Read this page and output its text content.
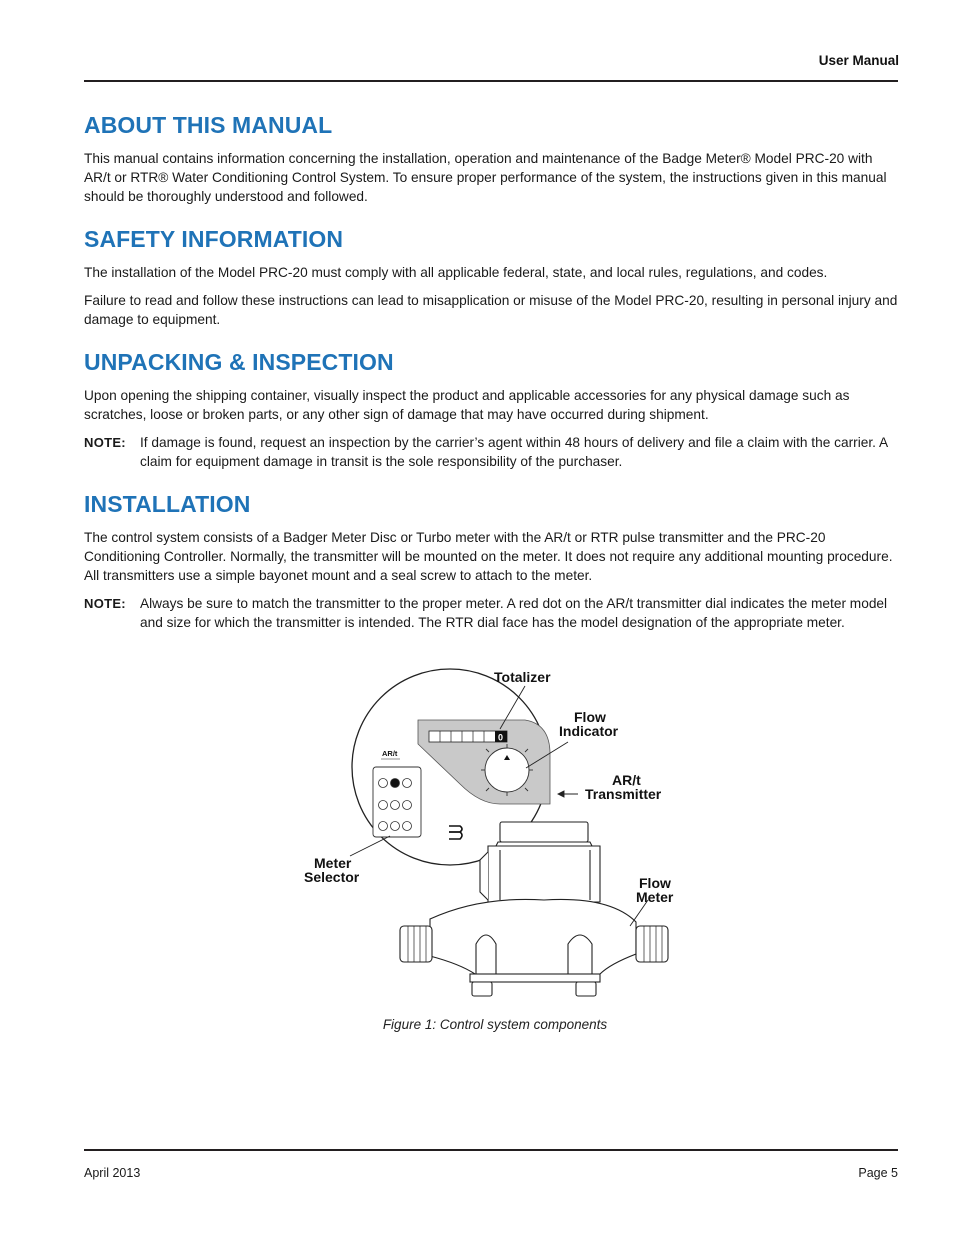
User Manual
ABOUT THIS MANUAL

This manual contains information concerning the installation, operation and maintenance of the Badge Meter® Model PRC-20 with AR/t or RTR® Water Conditioning Control System. To ensure proper performance of the system, the instructions given in this manual should be thoroughly understood and followed.

SAFETY INFORMATION

The installation of the Model PRC-20 must comply with all applicable federal, state, and local rules, regulations, and codes.

Failure to read and follow these instructions can lead to misapplication or misuse of the Model PRC-20, resulting in personal injury and damage to equipment.

UNPACKING & INSPECTION

Upon opening the shipping container, visually inspect the product and applicable accessories for any physical damage such as scratches, loose or broken parts, or any other sign of damage that may have occurred during shipment.

NOTE: If damage is found, request an inspection by the carrier’s agent within 48 hours of delivery and file a claim with the carrier. A claim for equipment damage in transit is the sole responsibility of the purchaser.
INSTALLATION

The control system consists of a Badger Meter Disc or Turbo meter with the AR/t or RTR pulse transmitter and the PRC-20 Conditioning Controller. Normally, the transmitter will be mounted on the meter. It does not require any additional mounting procedure. All transmitters use a simple bayonet mount and a seal screw to attach to the meter.

NOTE: Always be sure to match the transmitter to the proper meter. A red dot on the AR/t transmitter dial indicates the meter model and size for which the transmitter is intended. The RTR dial face has the model designation of the appropriate meter.
0
AR/t
Totalizer
Flow
Indicator
AR/t
Transmitter
Meter
Selector	Flow
Meter
Figure 1: Control system components
April 2013	Page 5
